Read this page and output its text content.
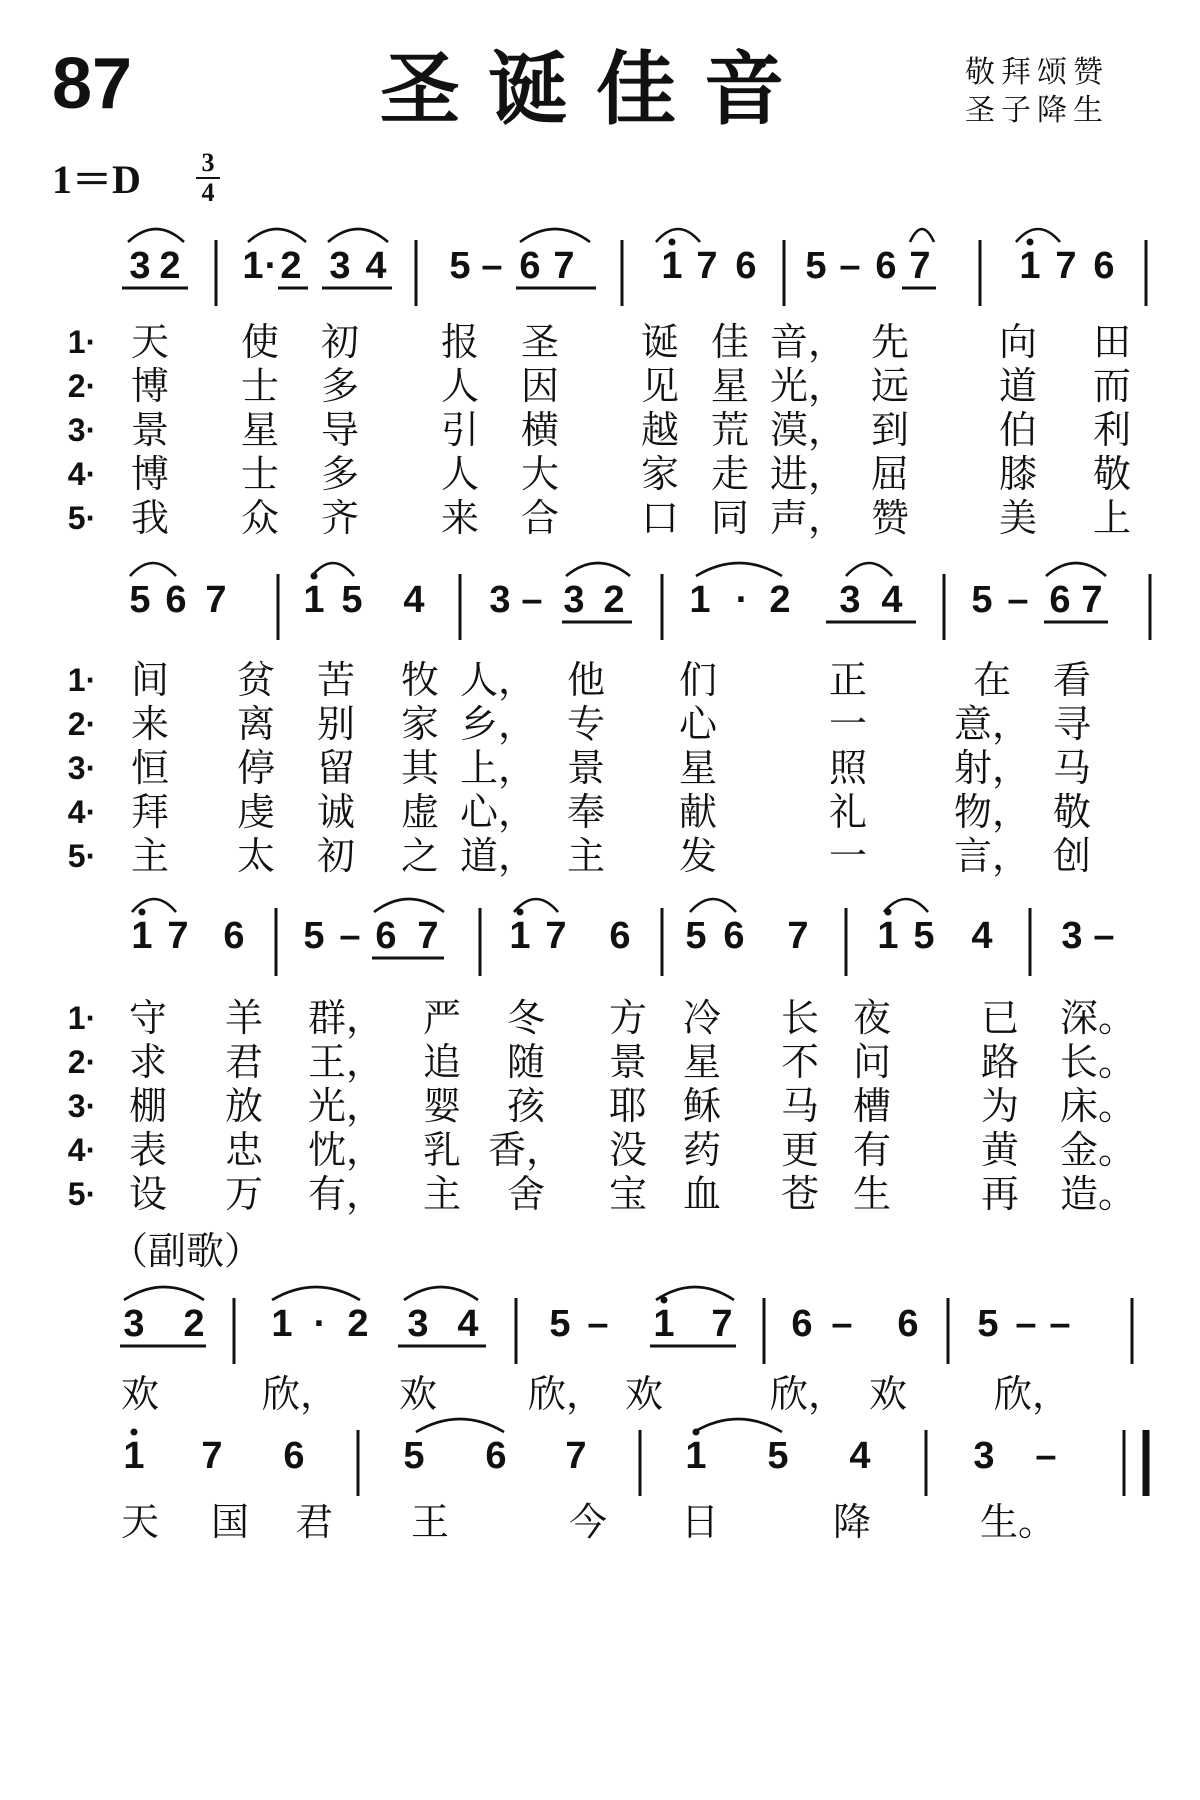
87	圣诞佳音	敬拜颂赞
圣子降生
1＝D 3
4
3 2 1 · 2 3 4 5 – 6 7 1 7 6 5 – 6 7 1 7 6
5 6 7 1 5 4 3 – 3 2 1 · 2 3 4 5 – 6 7
1 7 6 5 – 6 7 1 7 6 5 6 7 1 5 4 3 –
3 2 1 · 2 3 4 5 – 1 7 6 – 6 5 – –
1 7 6	5 6 7	1 5 4	3 –
1· 天 使 初 报 圣 诞 佳 音， 先 向 田
2· 博 士 多 人 因 见 星 光， 远 道 而
3· 景 星 导 引 横 越 荒 漠， 到 伯 利
4· 博 士 多 人 大 家 走 进， 屈 膝 敬
5· 我 众 齐 来 合 口 同 声， 赞 美 上
1· 间 贫 苦 牧 人， 他 们	正	在 看
2· 来 离 别 家 乡， 专 心	一 意， 寻
3· 恒 停 留 其 上， 景 星	照 射， 马
4· 拜 虔 诚 虚 心， 奉 献	礼 物， 敬
5· 主 太 初 之 道， 主 发	一 言， 创
1· 守 羊 群， 严 冬 方 冷 长 夜 已 深。
2· 求 君 王， 追 随 景 星 不 问 路 长。
3· 棚 放 光， 婴 孩 耶 稣 马 槽 为 床。
4· 表 忠 忱， 乳 香， 没 药 更 有 黄 金。
5· 设 万 有， 主 舍 宝 血 苍 生 再 造。
欢	欣， 欢 欣， 欢	欣， 欢 欣，
天 国 君 王	今 日	降	生。
（副歌）
